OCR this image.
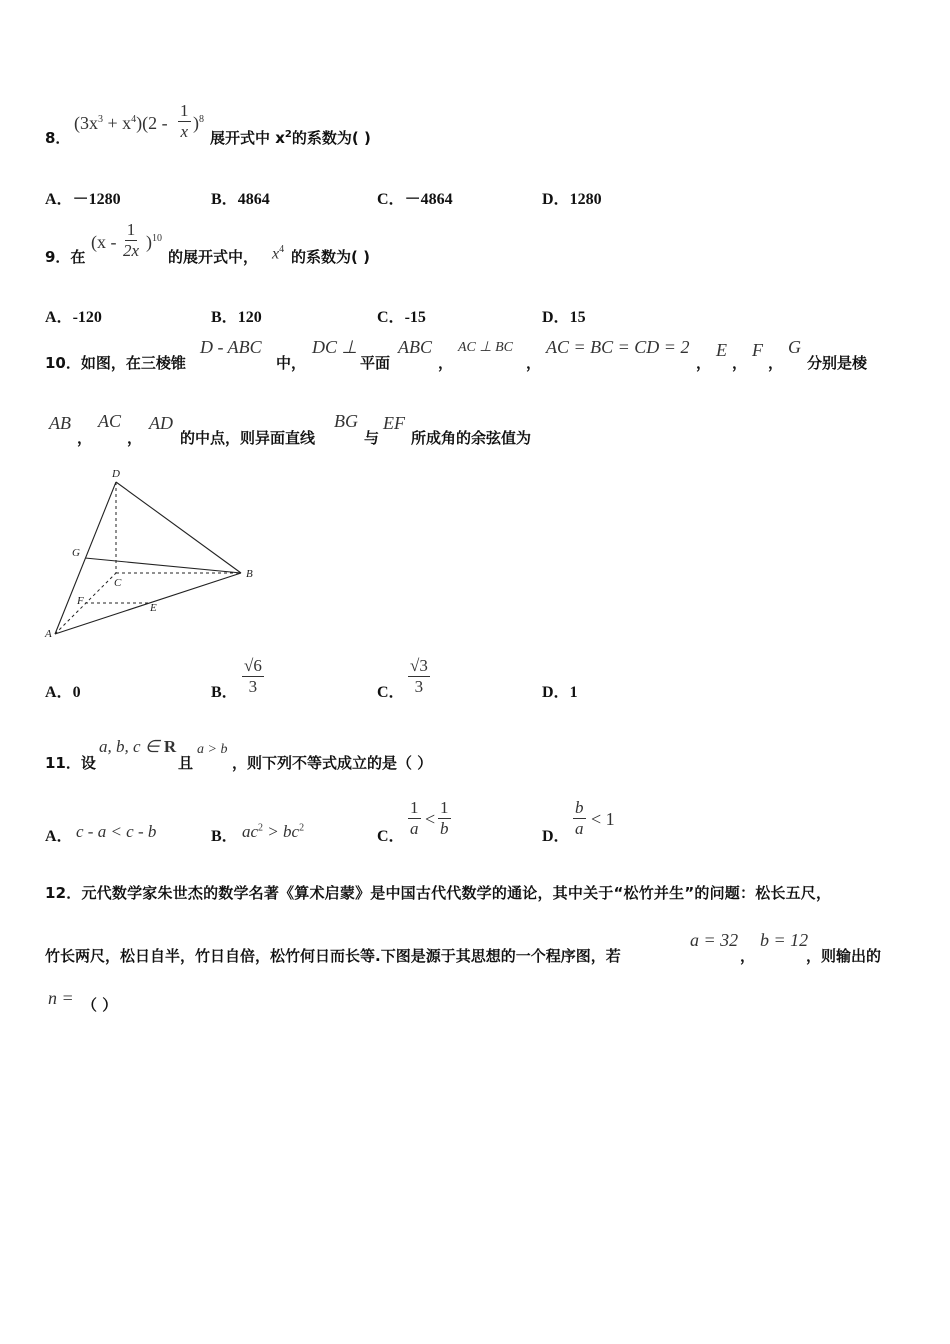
8．
$(3x^3 + x^4)(2 - \frac{1}{x} )^8$
展开式中 $x^2$的系数为( )
A．－1280	B．4864	C．－4864	D．1280
9．在
$(x - \frac{1}{2x} )^{10}$
的展开式中， $x^4$ 的系数为( )
A．-120	B．120	C．-15	D．15
10．如图，在三棱锥
D - ABC
中，
DC ⊥
平面
ABC
，
AC ⊥ BC
，
AC = BC = CD = 2
，
E
，
F
，
G
分别是棱
AB
，
AC
，
AD
的中点，则异面直线
BG
与
EF
所成角的余弦值为
D
G
C
B
F
E
A
A．0	B． $\frac{√6}{3}$	C． $\frac{√3}{3}$	D．1
11．设
a, b, c ∈ R
且
a > b
，则下列不等式成立的是（ ）
A． c - a < c - b	B． $ac^2 > bc^2$
C． $\frac{1}{a} < \frac{1}{b}$	D． $\frac{b}{a} < 1$
12．元代数学家朱世杰的数学名著《算术启蒙》是中国古代代数学的通论，其中关于“松竹并生”的问题：松长五尺，
竹长两尺，松日自半，竹日自倍，松竹何日而长等.下图是源于其思想的一个程序图，若
a = 32
，
b = 12
，则输出的
n = （ ）
